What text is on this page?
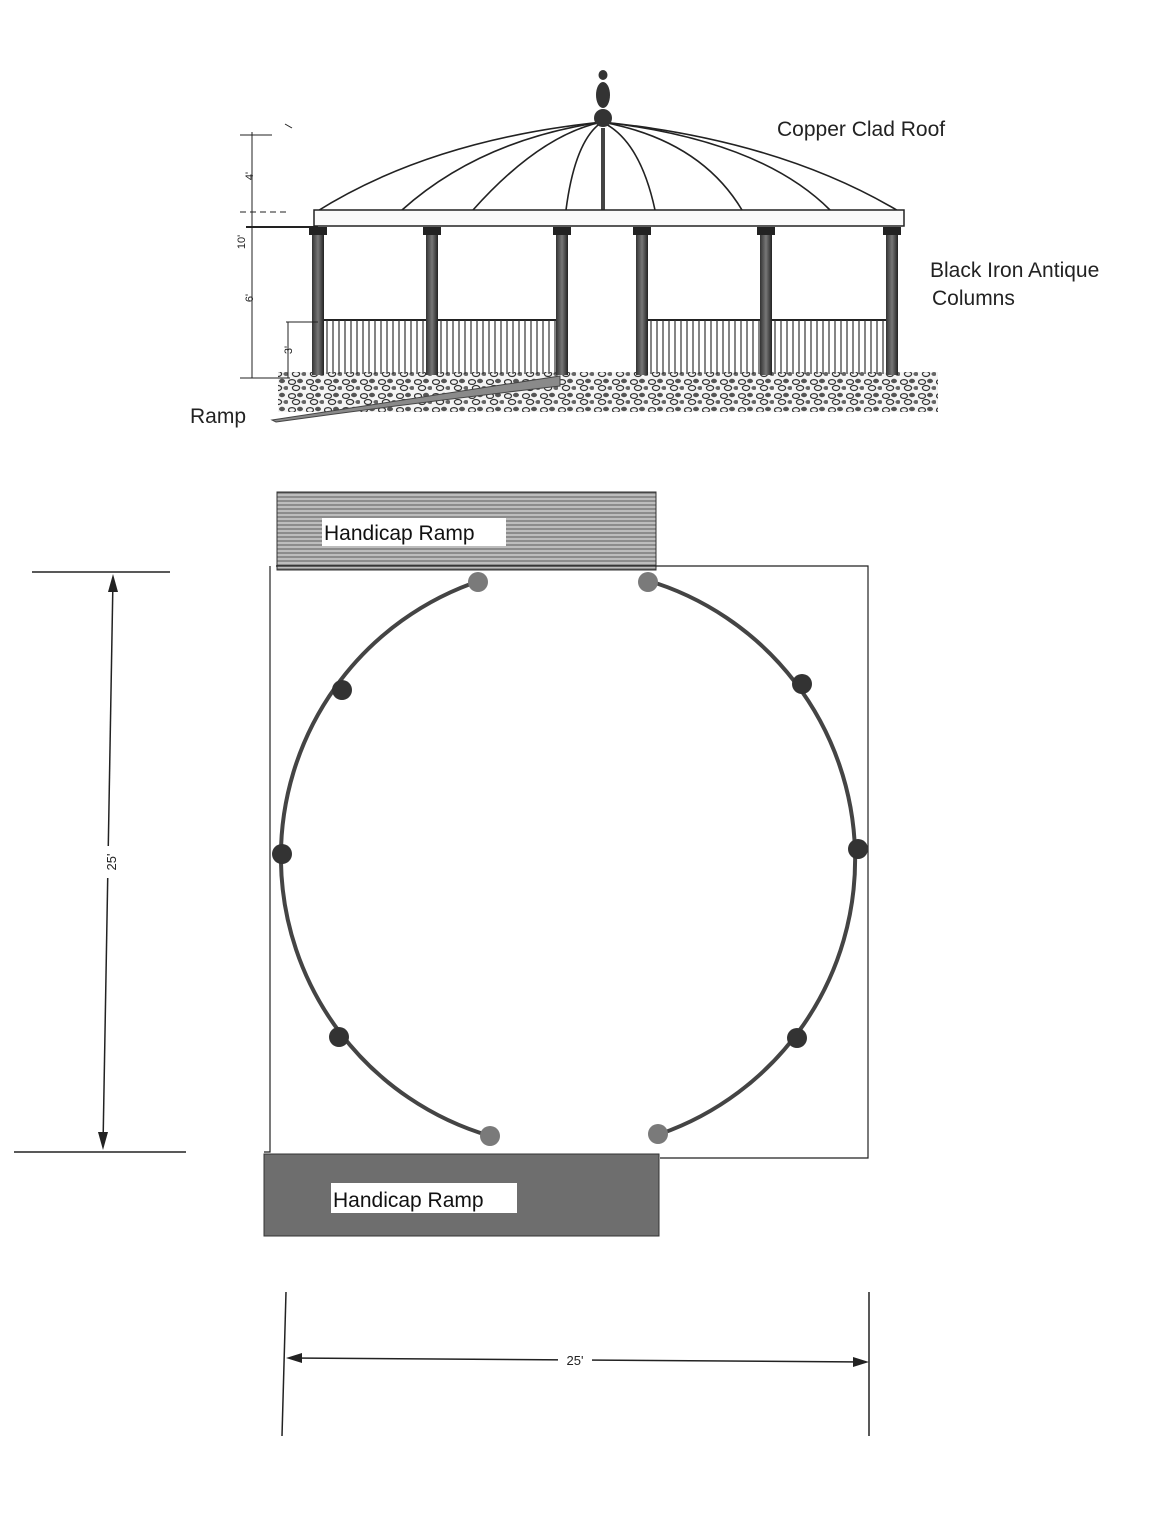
4'
10'
6'
3'
Copper Clad Roof
Black Iron Antique
Columns
Ramp
Handicap Ramp
Handicap Ramp
25'
25'
